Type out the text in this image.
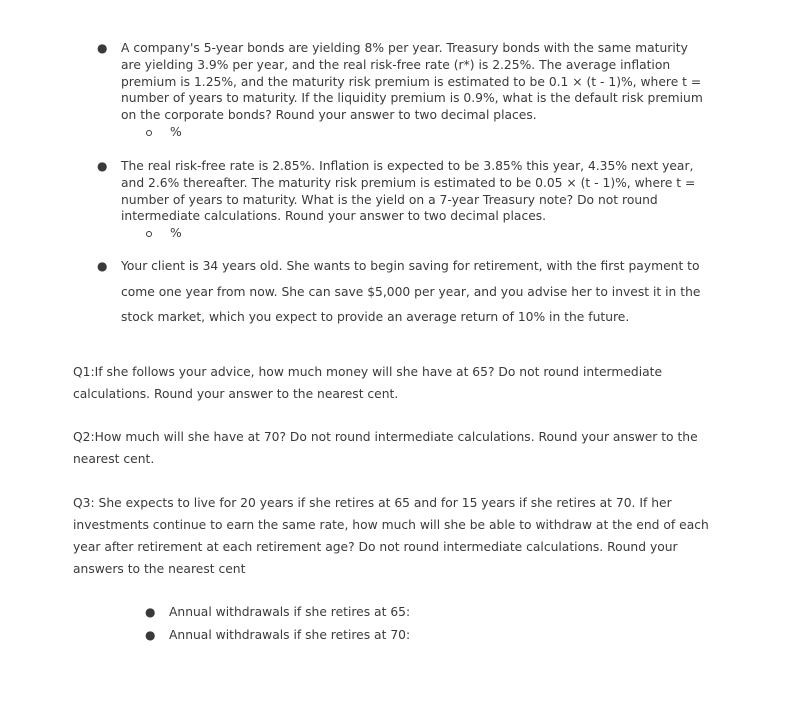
● A company's 5-year bonds are yielding 8% per year. Treasury bonds with the same maturity are yielding 3.9% per year, and the real risk-free rate (r*) is 2.25%. The average inflation premium is 1.25%, and the maturity risk premium is estimated to be 0.1 × (t - 1)%, where t = number of years to maturity. If the liquidity premium is 0.9%, what is the default risk premium on the corporate bonds? Round your answer to two decimal places.
%
● The real risk-free rate is 2.85%. Inflation is expected to be 3.85% this year, 4.35% next year, and 2.6% thereafter. The maturity risk premium is estimated to be 0.05 × (t - 1)%, where t = number of years to maturity. What is the yield on a 7-year Treasury note? Do not round intermediate calculations. Round your answer to two decimal places.
%
● Your client is 34 years old. She wants to begin saving for retirement, with the first payment to come one year from now. She can save $5,000 per year, and you advise her to invest it in the stock market, which you expect to provide an average return of 10% in the future.
Q1:If she follows your advice, how much money will she have at 65? Do not round intermediate calculations. Round your answer to the nearest cent.
Q2:How much will she have at 70? Do not round intermediate calculations. Round your answer to the nearest cent.
Q3: She expects to live for 20 years if she retires at 65 and for 15 years if she retires at 70. If her investments continue to earn the same rate, how much will she be able to withdraw at the end of each year after retirement at each retirement age? Do not round intermediate calculations. Round your answers to the nearest cent
● Annual withdrawals if she retires at 65:
● Annual withdrawals if she retires at 70:
